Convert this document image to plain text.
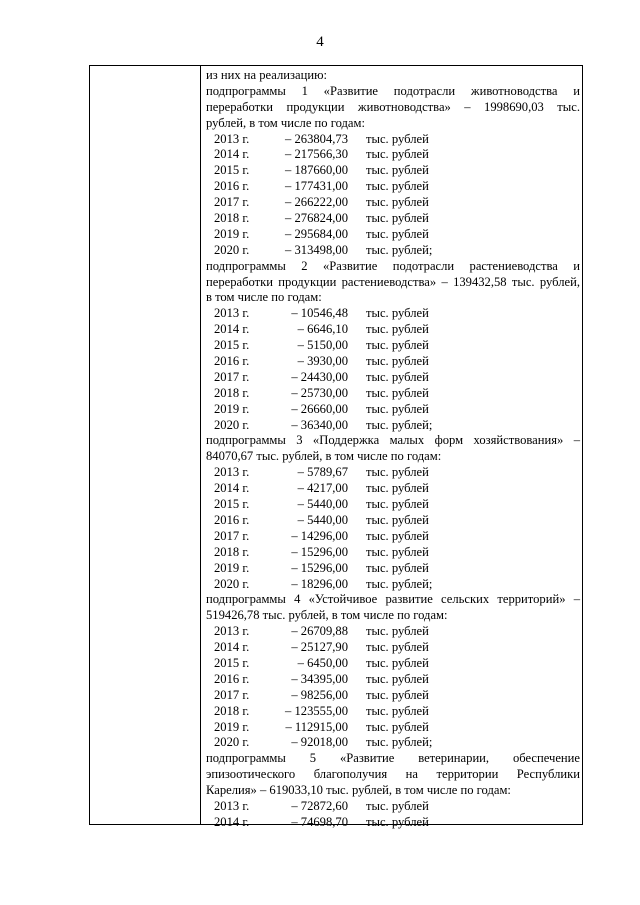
4
из них на реализацию:
подпрограммы 1 «Развитие подотрасли животноводства и
переработки продукции животноводства» – 1998690,03 тыс.
рублей, в том числе по годам:
2013 г.	– 263804,73 тыс. рублей
2014 г.	– 217566,30 тыс. рублей
2015 г.	– 187660,00 тыс. рублей
2016 г.	– 177431,00 тыс. рублей
2017 г.	– 266222,00 тыс. рублей
2018 г.	– 276824,00 тыс. рублей
2019 г.	– 295684,00 тыс. рублей
2020 г.	– 313498,00 тыс. рублей;
подпрограммы 2 «Развитие подотрасли растениеводства и
переработки продукции растениеводства» – 139432,58 тыс. рублей,
в том числе по годам:
2013 г.	– 10546,48 тыс. рублей
2014 г.	– 6646,10 тыс. рублей
2015 г.	– 5150,00 тыс. рублей
2016 г.	– 3930,00 тыс. рублей
2017 г.	– 24430,00 тыс. рублей
2018 г.	– 25730,00 тыс. рублей
2019 г.	– 26660,00 тыс. рублей
2020 г.	– 36340,00 тыс. рублей;
подпрограммы 3 «Поддержка малых форм хозяйствования» –
84070,67 тыс. рублей, в том числе по годам:
2013 г.	– 5789,67 тыс. рублей
2014 г.	– 4217,00 тыс. рублей
2015 г.	– 5440,00 тыс. рублей
2016 г.	– 5440,00 тыс. рублей
2017 г.	– 14296,00 тыс. рублей
2018 г.	– 15296,00 тыс. рублей
2019 г.	– 15296,00 тыс. рублей
2020 г.	– 18296,00 тыс. рублей;
подпрограммы 4 «Устойчивое развитие сельских территорий» –
519426,78 тыс. рублей, в том числе по годам:
2013 г.	– 26709,88 тыс. рублей
2014 г.	– 25127,90 тыс. рублей
2015 г.	– 6450,00 тыс. рублей
2016 г.	– 34395,00 тыс. рублей
2017 г.	– 98256,00 тыс. рублей
2018 г.	– 123555,00 тыс. рублей
2019 г.	– 112915,00 тыс. рублей
2020 г.	– 92018,00 тыс. рублей;
подпрограммы 5 «Развитие ветеринарии, обеспечение
эпизоотического благополучия на территории Республики
Карелия» – 619033,10 тыс. рублей, в том числе по годам:
2013 г.	– 72872,60 тыс. рублей
2014 г.	– 74698,70 тыс. рублей
